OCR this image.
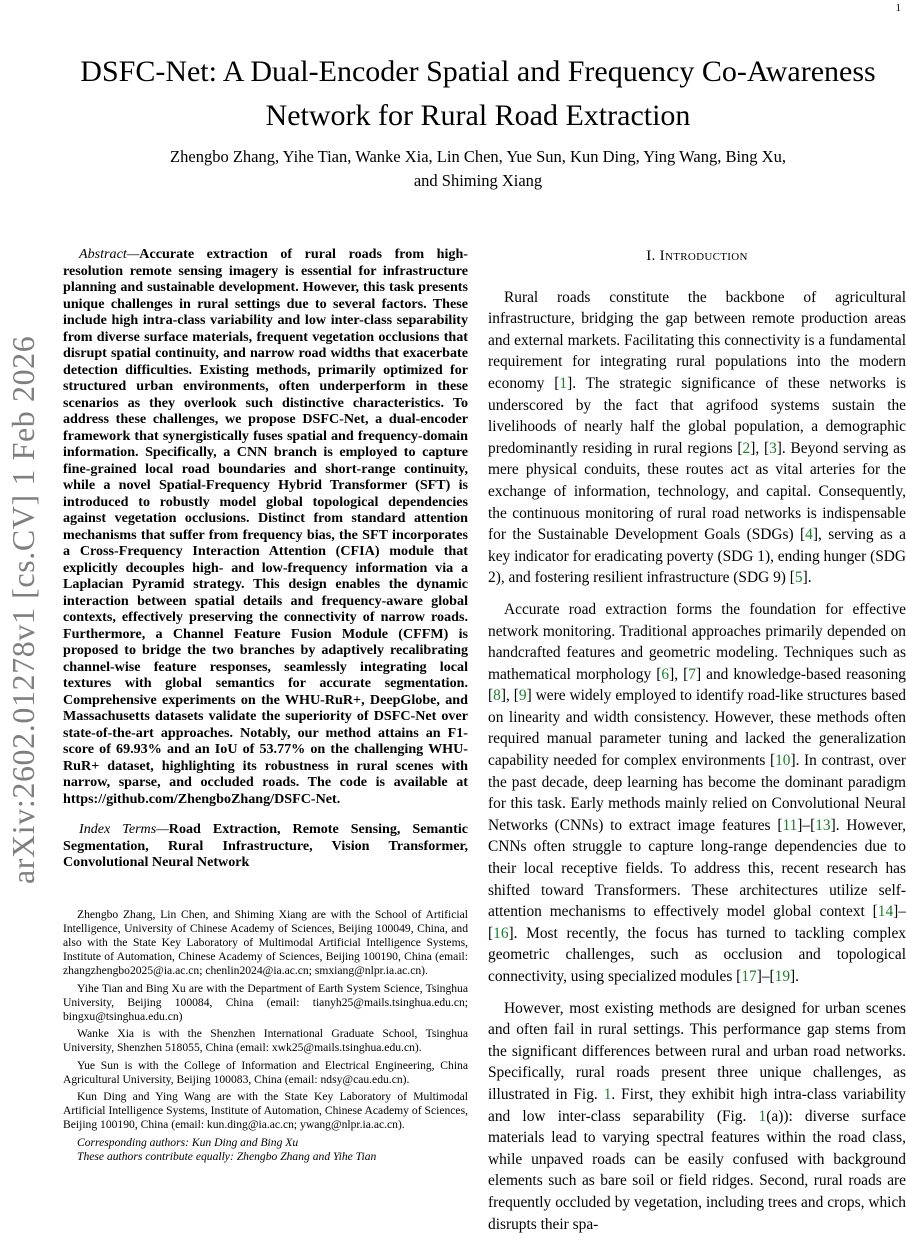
1
arXiv:2602.01278v1 [cs.CV] 1 Feb 2026
DSFC-Net: A Dual-Encoder Spatial and Frequency Co-Awareness Network for Rural Road Extraction
Zhengbo Zhang, Yihe Tian, Wanke Xia, Lin Chen, Yue Sun, Kun Ding, Ying Wang, Bing Xu,
and Shiming Xiang

Abstract—Accurate extraction of rural roads from high-resolution remote sensing imagery is essential for infrastructure planning and sustainable development. However, this task presents unique challenges in rural settings due to several factors. These include high intra-class variability and low inter-class separability from diverse surface materials, frequent vegetation occlusions that disrupt spatial continuity, and narrow road widths that exacerbate detection difficulties. Existing methods, primarily optimized for structured urban environments, often underperform in these scenarios as they overlook such distinctive characteristics. To address these challenges, we propose DSFC-Net, a dual-encoder framework that synergistically fuses spatial and frequency-domain information. Specifically, a CNN branch is employed to capture fine-grained local road boundaries and short-range continuity, while a novel Spatial-Frequency Hybrid Transformer (SFT) is introduced to robustly model global topological dependencies against vegetation occlusions. Distinct from standard attention mechanisms that suffer from frequency bias, the SFT incorporates a Cross-Frequency Interaction Attention (CFIA) module that explicitly decouples high- and low-frequency information via a Laplacian Pyramid strategy. This design enables the dynamic interaction between spatial details and frequency-aware global contexts, effectively preserving the connectivity of narrow roads. Furthermore, a Channel Feature Fusion Module (CFFM) is proposed to bridge the two branches by adaptively recalibrating channel-wise feature responses, seamlessly integrating local textures with global semantics for accurate segmentation. Comprehensive experiments on the WHU-RuR+, DeepGlobe, and Massachusetts datasets validate the superiority of DSFC-Net over state-of-the-art approaches. Notably, our method attains an F1-score of 69.93% and an IoU of 53.77% on the challenging WHU-RuR+ dataset, highlighting its robustness in rural scenes with narrow, sparse, and occluded roads. The code is available at https://github.com/ZhengboZhang/DSFC-Net.

Index Terms—Road Extraction, Remote Sensing, Semantic Segmentation, Rural Infrastructure, Vision Transformer, Convolutional Neural Network

Zhengbo Zhang, Lin Chen, and Shiming Xiang are with the School of Artificial Intelligence, University of Chinese Academy of Sciences, Beijing 100049, China, and also with the State Key Laboratory of Multimodal Artificial Intelligence Systems, Institute of Automation, Chinese Academy of Sciences, Beijing 100190, China (email: zhangzhengbo2025@ia.ac.cn; chenlin2024@ia.ac.cn; smxiang@nlpr.ia.ac.cn).

Yihe Tian and Bing Xu are with the Department of Earth System Science, Tsinghua University, Beijing 100084, China (email: tianyh25@mails.tsinghua.edu.cn; bingxu@tsinghua.edu.cn)

Wanke Xia is with the Shenzhen International Graduate School, Tsinghua University, Shenzhen 518055, China (email: xwk25@mails.tsinghua.edu.cn).

Yue Sun is with the College of Information and Electrical Engineering, China Agricultural University, Beijing 100083, China (email: ndsy@cau.edu.cn).

Kun Ding and Ying Wang are with the State Key Laboratory of Multimodal Artificial Intelligence Systems, Institute of Automation, Chinese Academy of Sciences, Beijing 100190, China (email: kun.ding@ia.ac.cn; ywang@nlpr.ia.ac.cn).

Corresponding authors: Kun Ding and Bing Xu

These authors contribute equally: Zhengbo Zhang and Yihe Tian

I. Introduction

Rural roads constitute the backbone of agricultural infrastructure, bridging the gap between remote production areas and external markets. Facilitating this connectivity is a fundamental requirement for integrating rural populations into the modern economy [1]. The strategic significance of these networks is underscored by the fact that agrifood systems sustain the livelihoods of nearly half the global population, a demographic predominantly residing in rural regions [2], [3]. Beyond serving as mere physical conduits, these routes act as vital arteries for the exchange of information, technology, and capital. Consequently, the continuous monitoring of rural road networks is indispensable for the Sustainable Development Goals (SDGs) [4], serving as a key indicator for eradicating poverty (SDG 1), ending hunger (SDG 2), and fostering resilient infrastructure (SDG 9) [5].

Accurate road extraction forms the foundation for effective network monitoring. Traditional approaches primarily depended on handcrafted features and geometric modeling. Techniques such as mathematical morphology [6], [7] and knowledge-based reasoning [8], [9] were widely employed to identify road-like structures based on linearity and width consistency. However, these methods often required manual parameter tuning and lacked the generalization capability needed for complex environments [10]. In contrast, over the past decade, deep learning has become the dominant paradigm for this task. Early methods mainly relied on Convolutional Neural Networks (CNNs) to extract image features [11]–[13]. However, CNNs often struggle to capture long-range dependencies due to their local receptive fields. To address this, recent research has shifted toward Transformers. These architectures utilize self-attention mechanisms to effectively model global context [14]–[16]. Most recently, the focus has turned to tackling complex geometric challenges, such as occlusion and topological connectivity, using specialized modules [17]–[19].

However, most existing methods are designed for urban scenes and often fail in rural settings. This performance gap stems from the significant differences between rural and urban road networks. Specifically, rural roads present three unique challenges, as illustrated in Fig. 1. First, they exhibit high intra-class variability and low inter-class separability (Fig. 1(a)): diverse surface materials lead to varying spectral features within the road class, while unpaved roads can be easily confused with background elements such as bare soil or field ridges. Second, rural roads are frequently occluded by vegetation, including trees and crops, which disrupts their spa-
